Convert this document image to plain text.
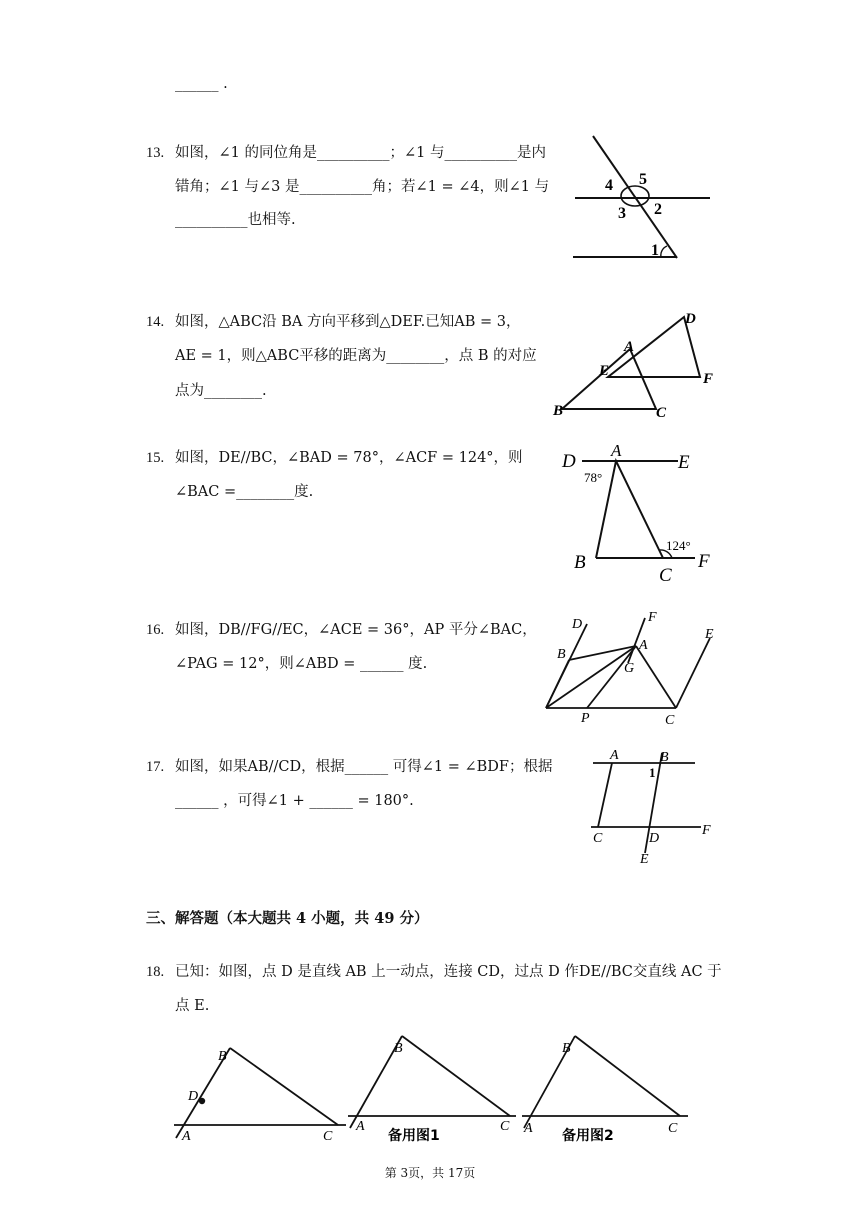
______ .
13. 如图，∠1 的同位角是__________；∠1 与__________是内
错角；∠1 与∠3 是__________角；若∠1 = ∠4，则∠1 与
__________也相等.
4 5
3 2
1
14. 如图，△ABC沿 BA 方向平移到△DEF.已知AB = 3，
AE = 1，则△ABC平移的距离为________，点 B 的对应
点为________.
D
A
E	F
B	C
15. 如图，DE//BC，∠BAD = 78°，∠ACF = 124°，则
∠BAC =________度.
D
A
E
78°
124°
B
C
F
16. 如图，DB//FG//EC，∠ACE = 36°，AP 平分∠BAC，
∠PAG = 12°，则∠ABD = ______ 度.
D	F
E
B
A
G
P	C
17. 如图，如果AB//CD，根据______ 可得∠1 = ∠BDF；根据
______ ，可得∠1 + ______ = 180°.
A	B
1
C	D
F
E
三、解答题（本大题共 4 小题，共 49 分）
18. 已知：如图，点 D 是直线 AB 上一动点，连接 CD，过点 D 作DE//BC交直线 AC 于
点 E.
B
D
A	C
B
A	C
备用图1
B
A	C
备用图2
第 3页，共 17页
